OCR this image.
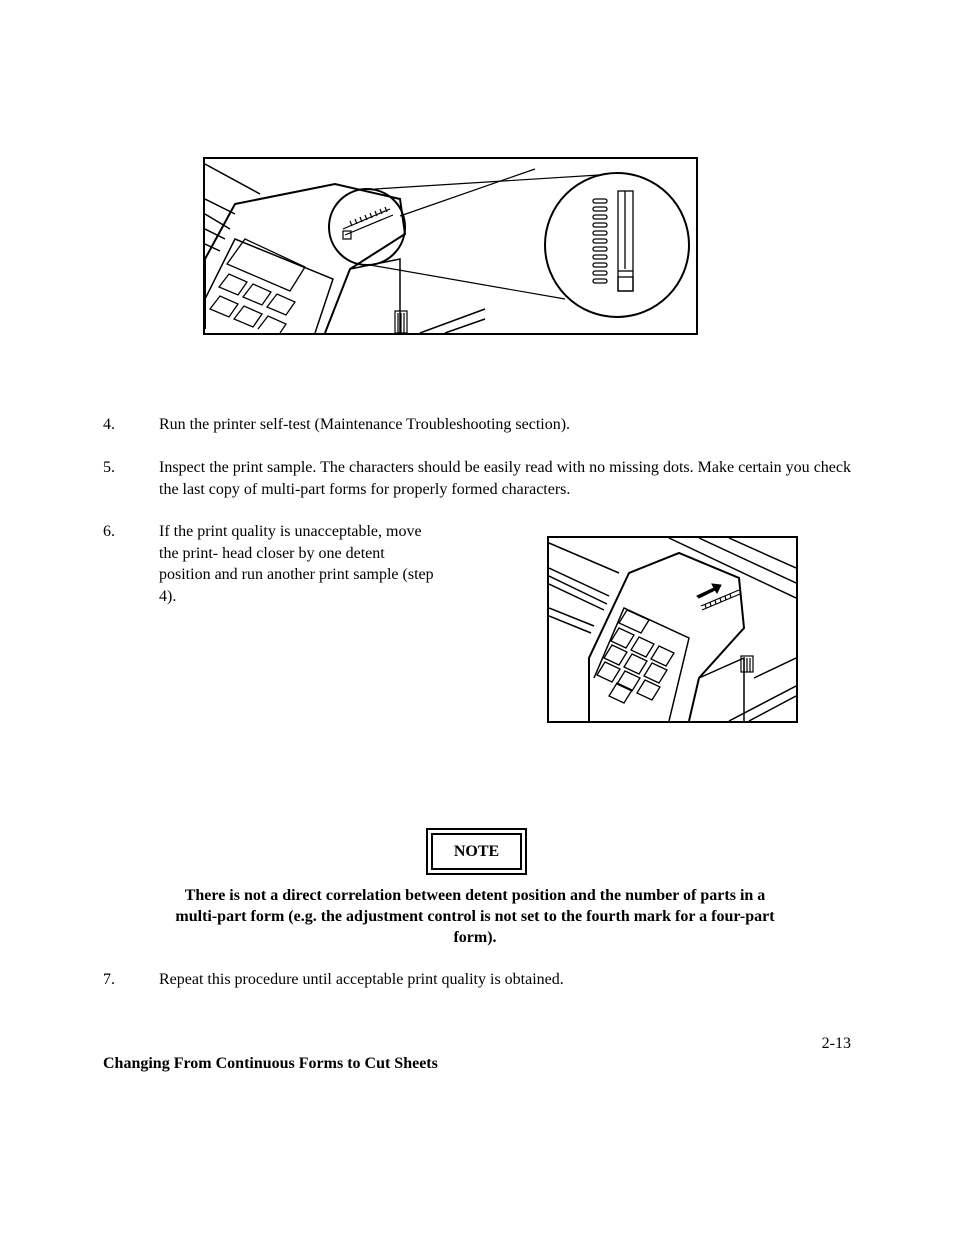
4.	Run the printer self-test (Maintenance Troubleshooting section).
5.	Inspect the print sample. The characters should be easily read with no missing dots. Make certain you check the last copy of multi-part forms for properly formed characters.
6.	If the print quality is unacceptable, move the print- head closer by one detent position and run another print sample (step 4).
NOTE
There is not a direct correlation between detent position and the number of parts in a multi-part form (e.g. the adjustment control is not set to the fourth mark for a four-part form).
7.	Repeat this procedure until acceptable print quality is obtained.
2-13
Changing From Continuous Forms to Cut Sheets
